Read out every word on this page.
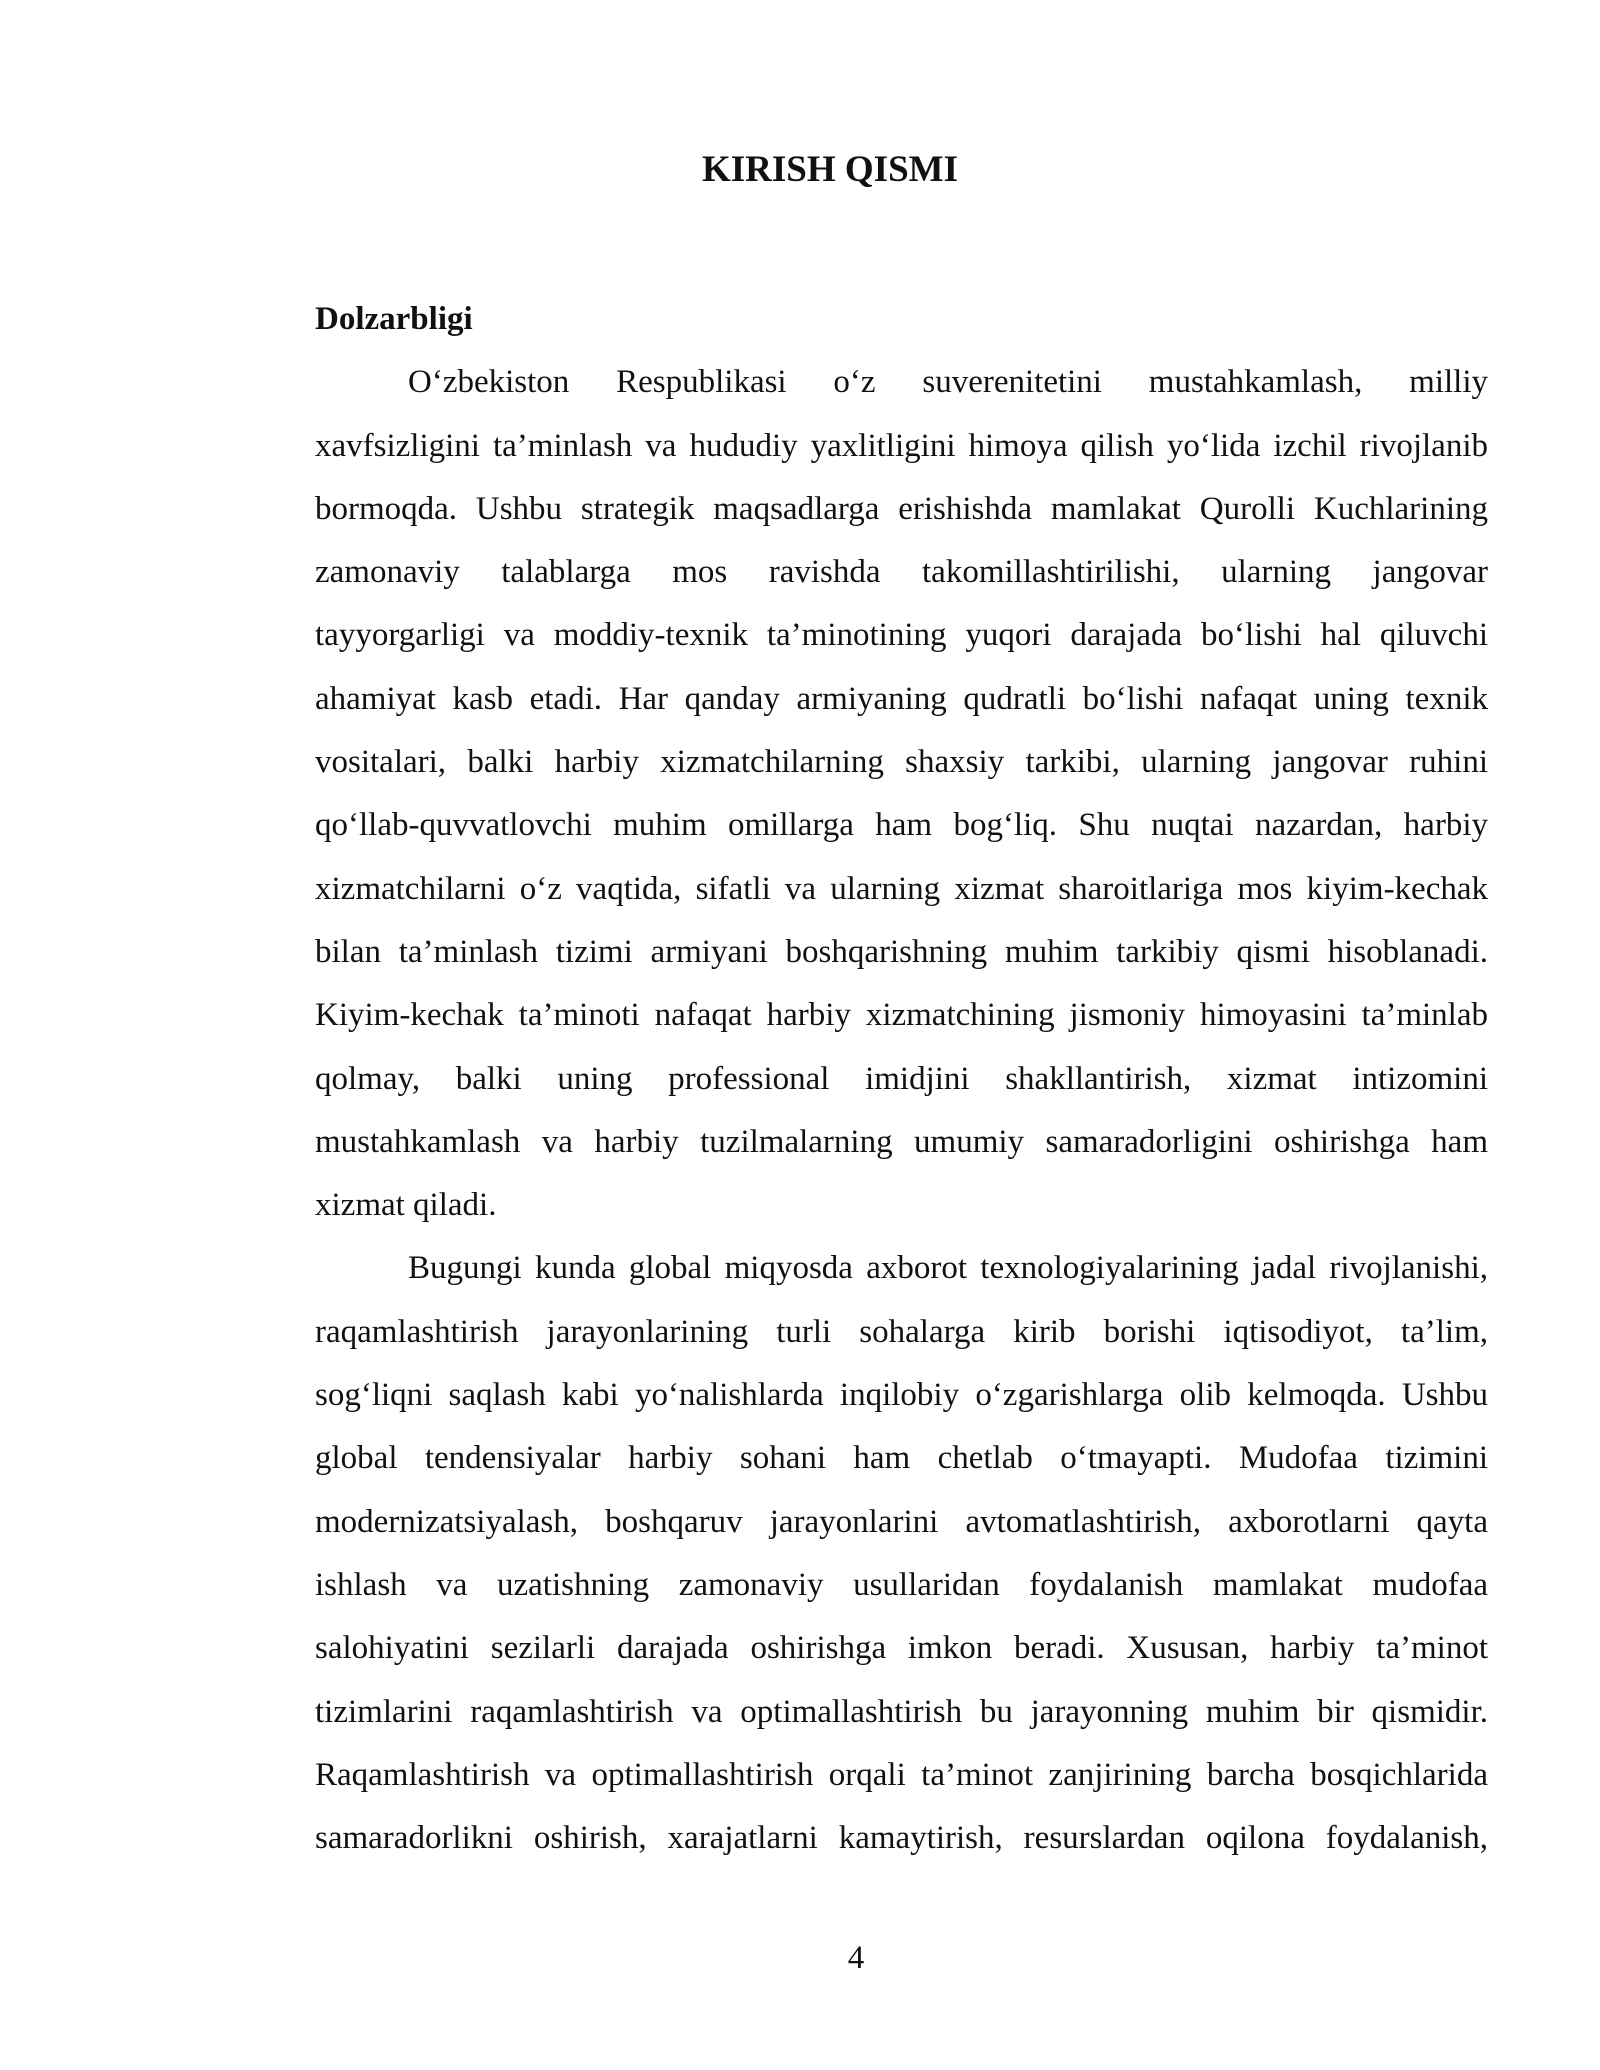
KIRISH QISMI
Dolzarbligi
O‘zbekiston Respublikasi o‘z suverenitetini mustahkamlash, milliy
xavfsizligini ta’minlash va hududiy yaxlitligini himoya qilish yo‘lida izchil rivojlanib
bormoqda. Ushbu strategik maqsadlarga erishishda mamlakat Qurolli Kuchlarining
zamonaviy talablarga mos ravishda takomillashtirilishi, ularning jangovar
tayyorgarligi va moddiy-texnik ta’minotining yuqori darajada bo‘lishi hal qiluvchi
ahamiyat kasb etadi. Har qanday armiyaning qudratli bo‘lishi nafaqat uning texnik
vositalari, balki harbiy xizmatchilarning shaxsiy tarkibi, ularning jangovar ruhini
qo‘llab-quvvatlovchi muhim omillarga ham bog‘liq. Shu nuqtai nazardan, harbiy
xizmatchilarni o‘z vaqtida, sifatli va ularning xizmat sharoitlariga mos kiyim-kechak
bilan ta’minlash tizimi armiyani boshqarishning muhim tarkibiy qismi hisoblanadi.
Kiyim-kechak ta’minoti nafaqat harbiy xizmatchining jismoniy himoyasini ta’minlab
qolmay, balki uning professional imidjini shakllantirish, xizmat intizomini
mustahkamlash va harbiy tuzilmalarning umumiy samaradorligini oshirishga ham
xizmat qiladi.
Bugungi kunda global miqyosda axborot texnologiyalarining jadal rivojlanishi,
raqamlashtirish jarayonlarining turli sohalarga kirib borishi iqtisodiyot, ta’lim,
sog‘liqni saqlash kabi yo‘nalishlarda inqilobiy o‘zgarishlarga olib kelmoqda. Ushbu
global tendensiyalar harbiy sohani ham chetlab o‘tmayapti. Mudofaa tizimini
modernizatsiyalash, boshqaruv jarayonlarini avtomatlashtirish, axborotlarni qayta
ishlash va uzatishning zamonaviy usullaridan foydalanish mamlakat mudofaa
salohiyatini sezilarli darajada oshirishga imkon beradi. Xususan, harbiy ta’minot
tizimlarini raqamlashtirish va optimallashtirish bu jarayonning muhim bir qismidir.
Raqamlashtirish va optimallashtirish orqali ta’minot zanjirining barcha bosqichlarida
samaradorlikni oshirish, xarajatlarni kamaytirish, resurslardan oqilona foydalanish,

4
